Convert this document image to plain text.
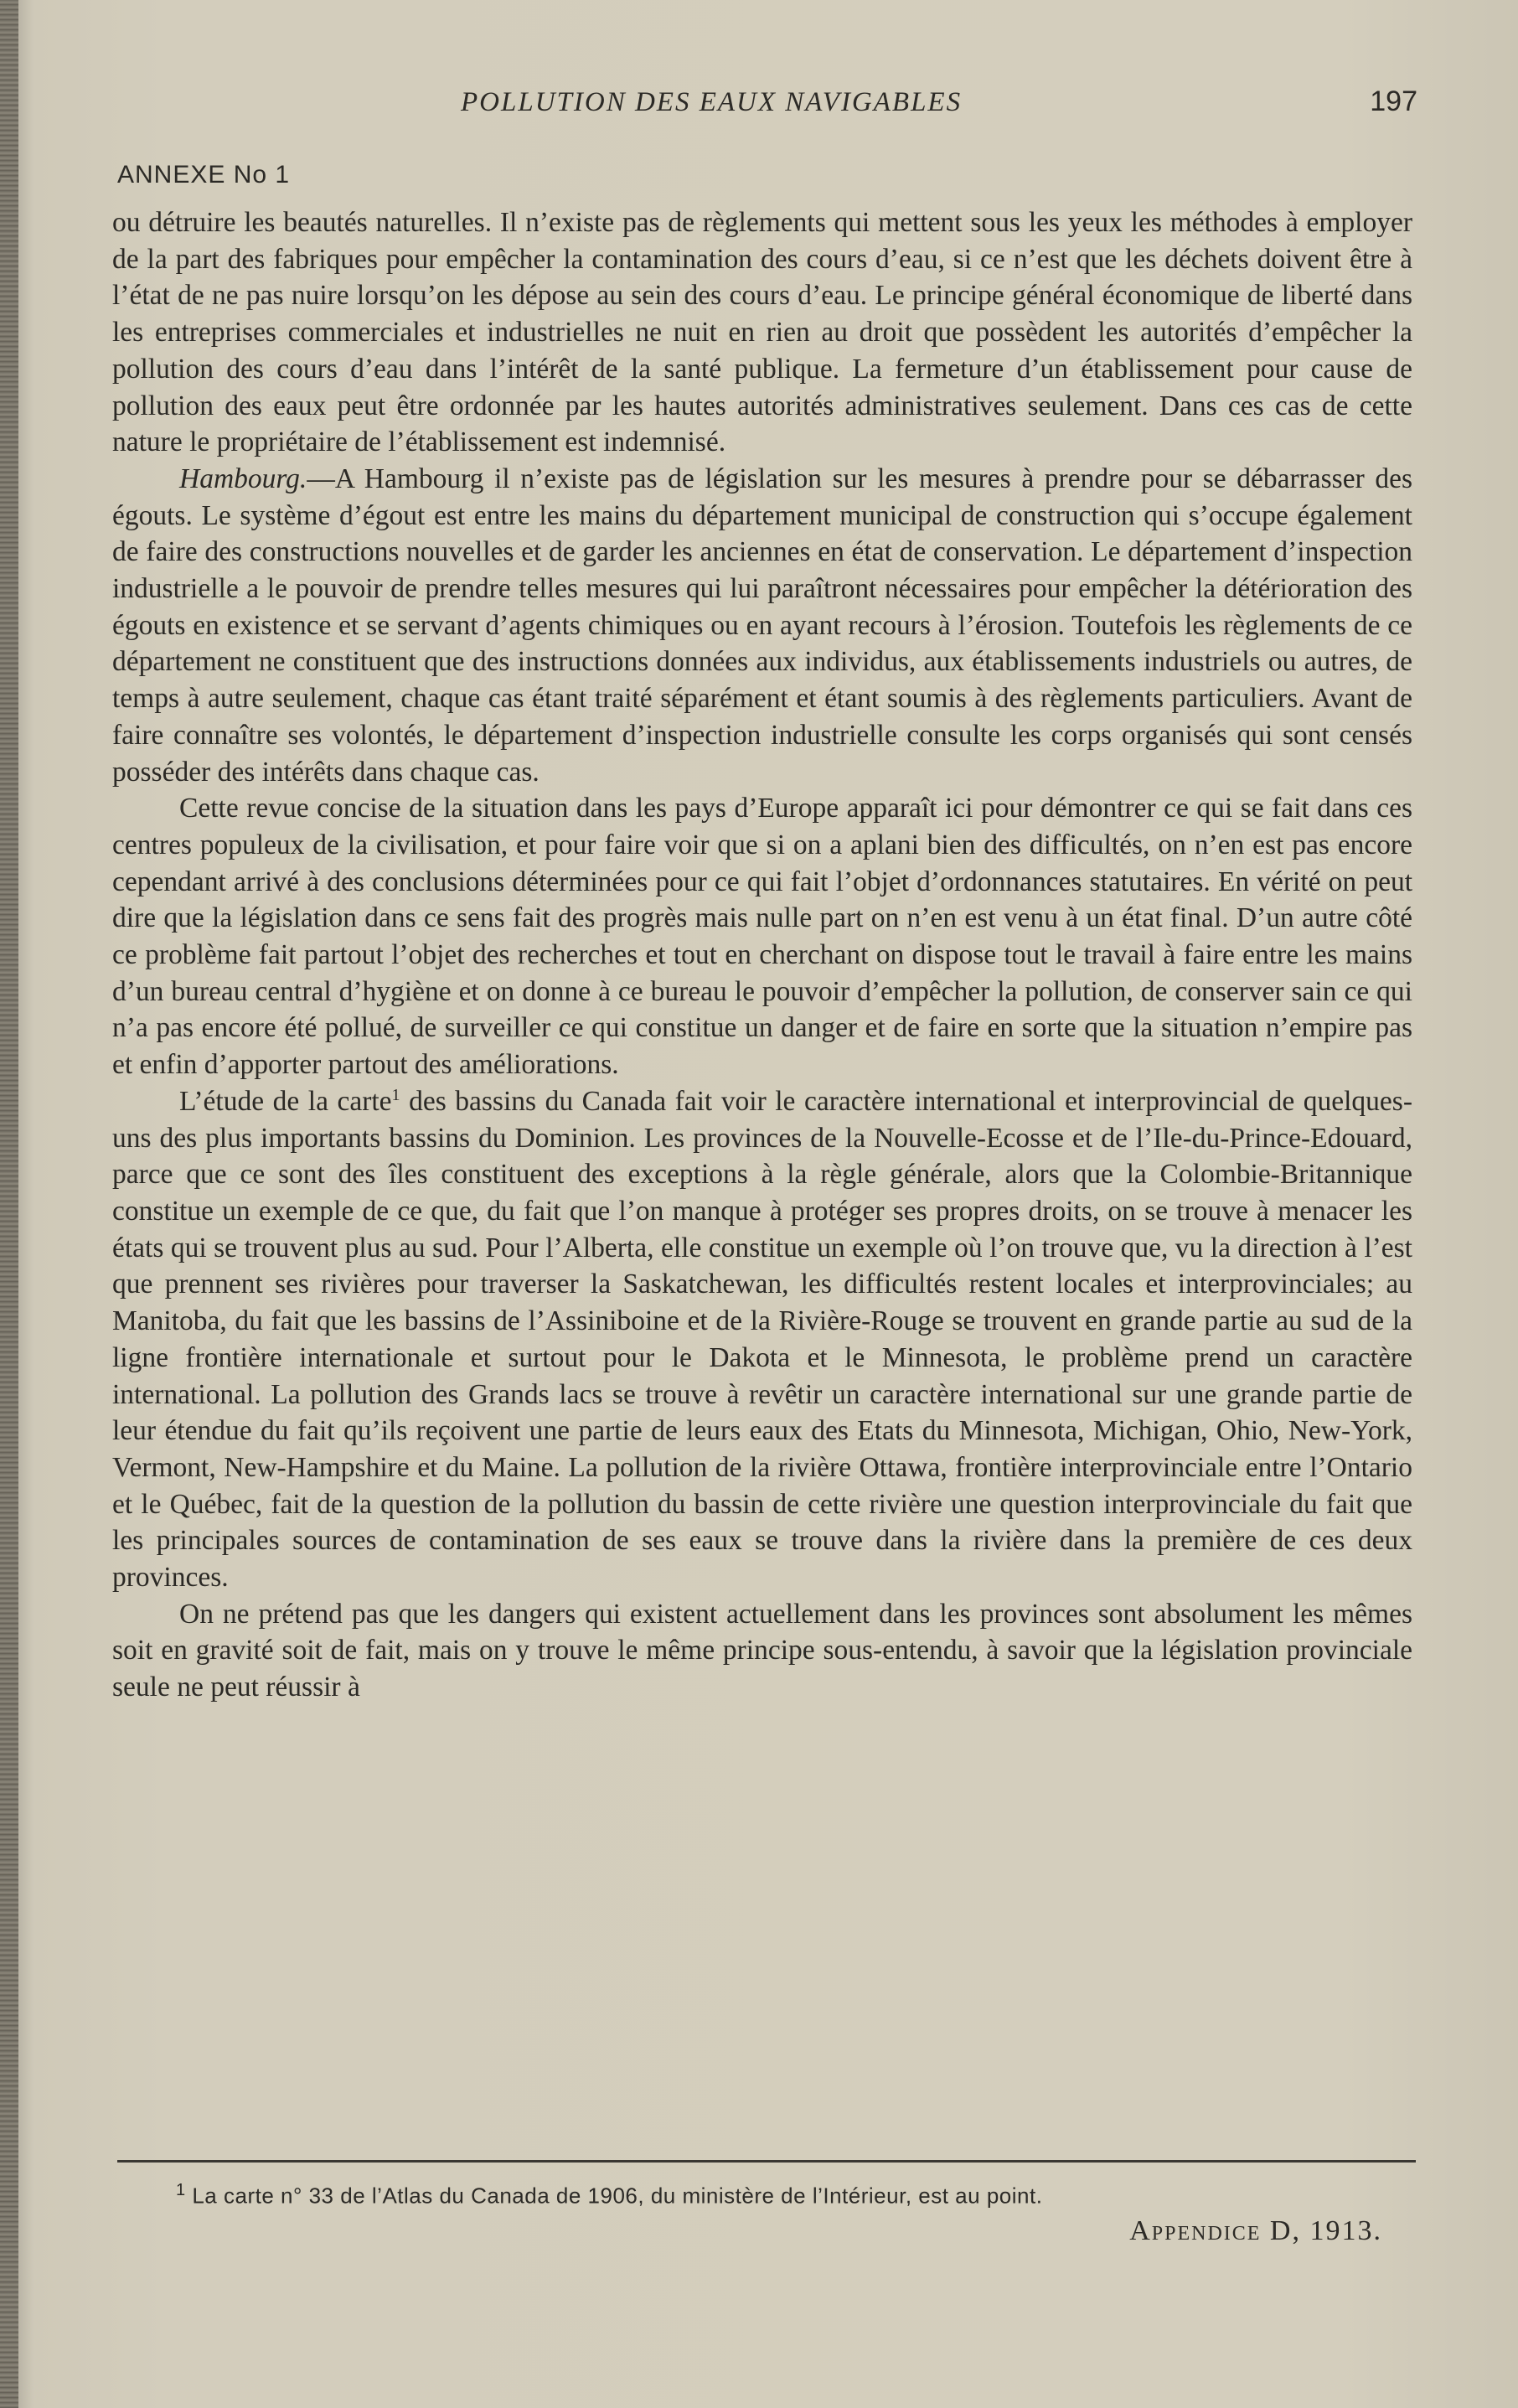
POLLUTION DES EAUX NAVIGABLES	197
ANNEXE No 1

ou détruire les beautés naturelles. Il n’existe pas de règlements qui mettent sous les yeux les méthodes à employer de la part des fabriques pour empêcher la contamination des cours d’eau, si ce n’est que les déchets doivent être à l’état de ne pas nuire lorsqu’on les dépose au sein des cours d’eau. Le principe général économique de liberté dans les entreprises commerciales et industrielles ne nuit en rien au droit que possèdent les autorités d’empêcher la pollution des cours d’eau dans l’intérêt de la santé publique. La fermeture d’un établissement pour cause de pollution des eaux peut être ordonnée par les hautes autorités administratives seulement. Dans ces cas de cette nature le propriétaire de l’établissement est indemnisé.

Hambourg.—A Hambourg il n’existe pas de législation sur les mesures à prendre pour se débarrasser des égouts. Le système d’égout est entre les mains du département municipal de construction qui s’occupe également de faire des constructions nouvelles et de garder les anciennes en état de conservation. Le département d’inspection industrielle a le pouvoir de prendre telles mesures qui lui paraîtront nécessaires pour empêcher la détérioration des égouts en existence et se servant d’agents chimiques ou en ayant recours à l’érosion. Toutefois les règlements de ce département ne constituent que des instructions données aux individus, aux établissements industriels ou autres, de temps à autre seulement, chaque cas étant traité séparément et étant soumis à des règlements particuliers. Avant de faire connaître ses volontés, le département d’inspection industrielle consulte les corps organisés qui sont censés posséder des intérêts dans chaque cas.

Cette revue concise de la situation dans les pays d’Europe apparaît ici pour démontrer ce qui se fait dans ces centres populeux de la civilisation, et pour faire voir que si on a aplani bien des difficultés, on n’en est pas encore cependant arrivé à des conclusions déterminées pour ce qui fait l’objet d’ordonnances statutaires. En vérité on peut dire que la législation dans ce sens fait des progrès mais nulle part on n’en est venu à un état final. D’un autre côté ce problème fait partout l’objet des recherches et tout en cherchant on dispose tout le travail à faire entre les mains d’un bureau central d’hygiène et on donne à ce bureau le pouvoir d’empêcher la pollution, de conserver sain ce qui n’a pas encore été pollué, de surveiller ce qui constitue un danger et de faire en sorte que la situation n’empire pas et enfin d’apporter partout des améliorations.

L’étude de la carte$^1$ des bassins du Canada fait voir le caractère international et interprovincial de quelques-uns des plus importants bassins du Dominion. Les provinces de la Nouvelle-Ecosse et de l’Ile-du-Prince-Edouard, parce que ce sont des îles constituent des exceptions à la règle générale, alors que la Colombie-Britannique constitue un exemple de ce que, du fait que l’on manque à protéger ses propres droits, on se trouve à menacer les états qui se trouvent plus au sud. Pour l’Alberta, elle constitue un exemple où l’on trouve que, vu la direction à l’est que prennent ses rivières pour traverser la Saskatchewan, les difficultés restent locales et interprovinciales; au Manitoba, du fait que les bassins de l’Assiniboine et de la Rivière-Rouge se trouvent en grande partie au sud de la ligne frontière internationale et surtout pour le Dakota et le Minnesota, le problème prend un caractère international. La pollution des Grands lacs se trouve à revêtir un caractère international sur une grande partie de leur étendue du fait qu’ils reçoivent une partie de leurs eaux des Etats du Minnesota, Michigan, Ohio, New-York, Vermont, New-Hampshire et du Maine. La pollution de la rivière Ottawa, frontière interprovinciale entre l’Ontario et le Québec, fait de la question de la pollution du bassin de cette rivière une question interprovinciale du fait que les principales sources de contamination de ses eaux se trouve dans la rivière dans la première de ces deux provinces.

On ne prétend pas que les dangers qui existent actuellement dans les provinces sont absolument les mêmes soit en gravité soit de fait, mais on y trouve le même principe sous-entendu, à savoir que la législation provinciale seule ne peut réussir à

$^1$ La carte n° 33 de l’Atlas du Canada de 1906, du ministère de l’Intérieur, est au point.
Appendice D, 1913.
